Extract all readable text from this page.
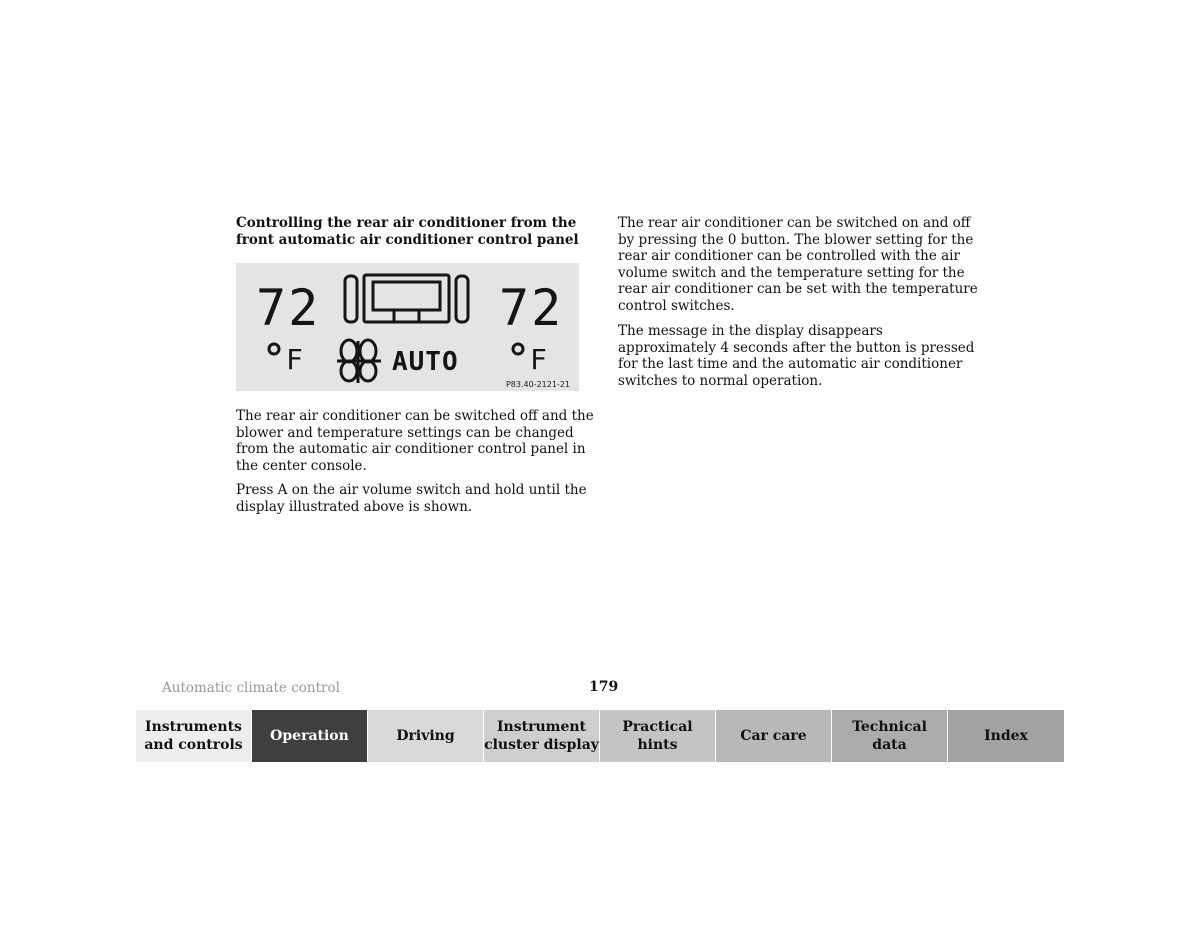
Controlling the rear air conditioner from the front automatic air conditioner control panel
72	72
F	AUTO	F
P83.40-2121-21

The rear air conditioner can be switched off and the blower and temperature settings can be changed from the automatic air conditioner control panel in the center console.

Press A on the air volume switch and hold until the display illustrated above is shown.

The rear air conditioner can be switched on and off by pressing the 0 button. The blower setting for the rear air conditioner can be controlled with the air volume switch and the temperature setting for the rear air conditioner can be set with the temperature control switches.

The message in the display disappears approximately 4 seconds after the button is pressed for the last time and the automatic air conditioner switches to normal operation.

Automatic climate control	179
Instruments
and controls
Operation	Driving
Instrument
cluster display
Practical hints
Car care
Technical
data
Index
